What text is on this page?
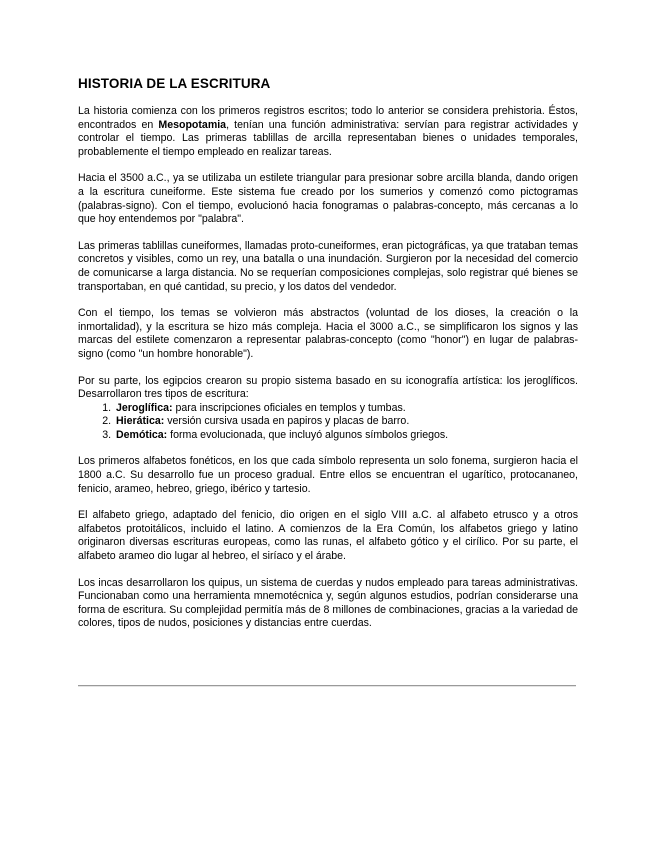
HISTORIA DE LA ESCRITURA

La historia comienza con los primeros registros escritos; todo lo anterior se considera prehistoria. Éstos, encontrados en Mesopotamia, tenían una función administrativa: servían para registrar actividades y controlar el tiempo. Las primeras tablillas de arcilla representaban bienes o unidades temporales, probablemente el tiempo empleado en realizar tareas.

Hacia el 3500 a.C., ya se utilizaba un estilete triangular para presionar sobre arcilla blanda, dando origen a la escritura cuneiforme. Este sistema fue creado por los sumerios y comenzó como pictogramas (palabras-signo). Con el tiempo, evolucionó hacia fonogramas o palabras-concepto, más cercanas a lo que hoy entendemos por "palabra".

Las primeras tablillas cuneiformes, llamadas proto-cuneiformes, eran pictográficas, ya que trataban temas concretos y visibles, como un rey, una batalla o una inundación. Surgieron por la necesidad del comercio de comunicarse a larga distancia. No se requerían composiciones complejas, solo registrar qué bienes se transportaban, en qué cantidad, su precio, y los datos del vendedor.

Con el tiempo, los temas se volvieron más abstractos (voluntad de los dioses, la creación o la inmortalidad), y la escritura se hizo más compleja. Hacia el 3000 a.C., se simplificaron los signos y las marcas del estilete comenzaron a representar palabras-concepto (como "honor") en lugar de palabras-signo (como "un hombre honorable").

Por su parte, los egipcios crearon su propio sistema basado en su iconografía artística: los jeroglíficos. Desarrollaron tres tipos de escritura:

1. Jeroglífica: para inscripciones oficiales en templos y tumbas.
2. Hierática: versión cursiva usada en papiros y placas de barro.
3. Demótica: forma evolucionada, que incluyó algunos símbolos griegos.

Los primeros alfabetos fonéticos, en los que cada símbolo representa un solo fonema, surgieron hacia el 1800 a.C. Su desarrollo fue un proceso gradual. Entre ellos se encuentran el ugarítico, protocananeo, fenicio, arameo, hebreo, griego, ibérico y tartesio.

El alfabeto griego, adaptado del fenicio, dio origen en el siglo VIII a.C. al alfabeto etrusco y a otros alfabetos protoitálicos, incluido el latino. A comienzos de la Era Común, los alfabetos griego y latino originaron diversas escrituras europeas, como las runas, el alfabeto gótico y el cirílico. Por su parte, el alfabeto arameo dio lugar al hebreo, el siríaco y el árabe.

Los incas desarrollaron los quipus, un sistema de cuerdas y nudos empleado para tareas administrativas. Funcionaban como una herramienta mnemotécnica y, según algunos estudios, podrían considerarse una forma de escritura. Su complejidad permitía más de 8 millones de combinaciones, gracias a la variedad de colores, tipos de nudos, posiciones y distancias entre cuerdas.
